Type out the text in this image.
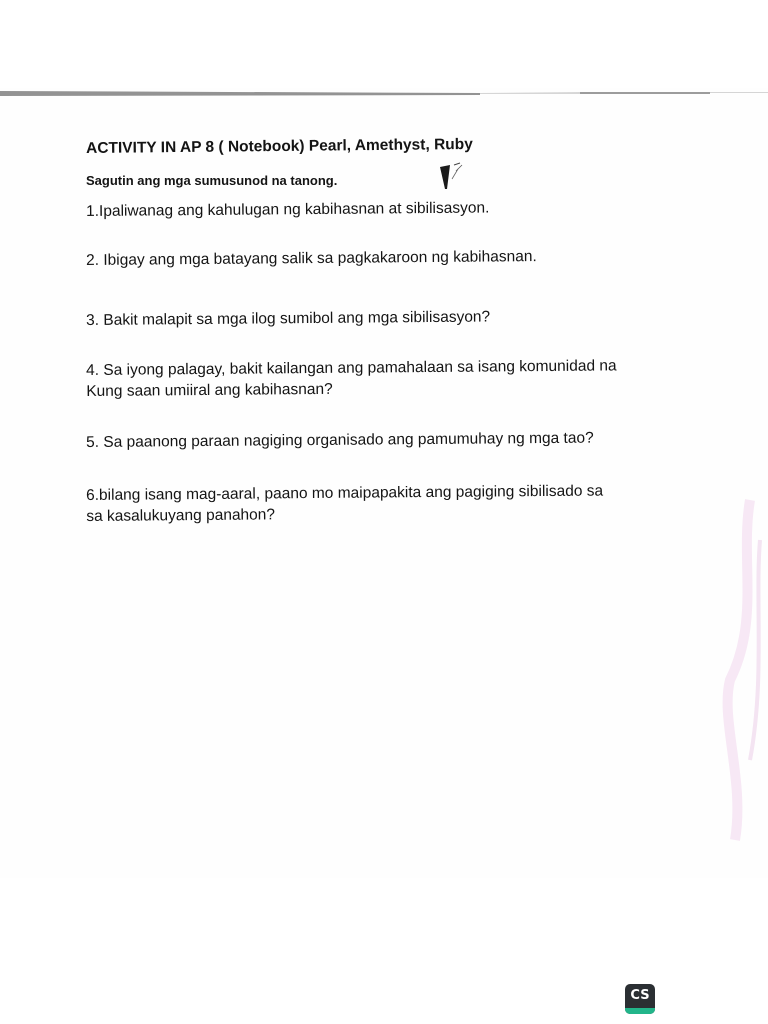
ACTIVITY IN AP 8 ( Notebook) Pearl, Amethyst, Ruby
Sagutin ang mga sumusunod na tanong.
1.Ipaliwanag ang kahulugan ng kabihasnan at sibilisasyon.
2. Ibigay ang mga batayang salik sa pagkakaroon ng kabihasnan.
3. Bakit malapit sa mga ilog sumibol ang mga sibilisasyon?
4. Sa iyong palagay, bakit kailangan ang pamahalaan sa isang komunidad na
Kung saan umiiral ang kabihasnan?
5. Sa paanong paraan nagiging organisado ang pamumuhay ng mga tao?
6.bilang isang mag-aaral, paano mo maipapakita ang pagiging sibilisado sa
sa kasalukuyang panahon?
CS
